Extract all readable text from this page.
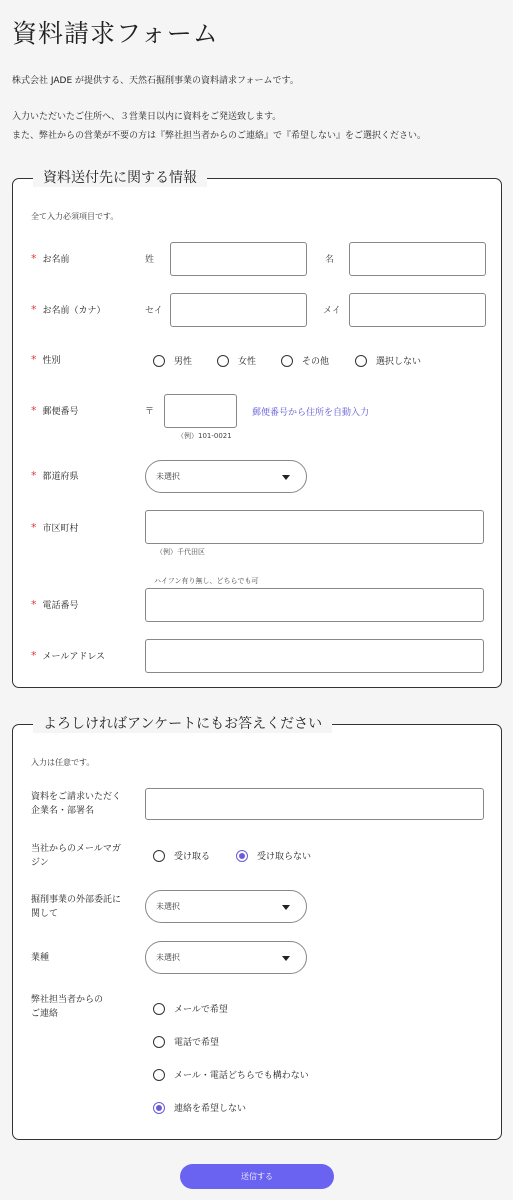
資料請求フォーム
株式会社 JADE が提供する、天然石掘削事業の資料請求フォームです。
入力いただいたご住所へ、３営業日以内に資料をご発送致します。
また、弊社からの営業が不要の方は『弊社担当者からのご連絡』で『希望しない』をご選択ください。
資料送付先に関する情報
全て入力必須項目です。
* お名前	姓	名
* お名前（カナ）	セイ	メイ
* 性別	男性	女性	その他	選択しない
* 郵便番号	〒	郵便番号から住所を自動入力
（例）101-0021
* 都道府県	未選択
* 市区町村
（例）千代田区
ハイフン有り無し、どちらでも可
* 電話番号
* メールアドレス
よろしければアンケートにもお答えください
入力は任意です。
資料をご請求いただく
企業名・部署名
当社からのメールマガ
ジン
受け取る	受け取らない
掘削事業の外部委託に
関して
未選択
業種	未選択
弊社担当者からの
ご連絡	メールで希望
電話で希望
メール・電話どちらでも構わない
連絡を希望しない
送信する
